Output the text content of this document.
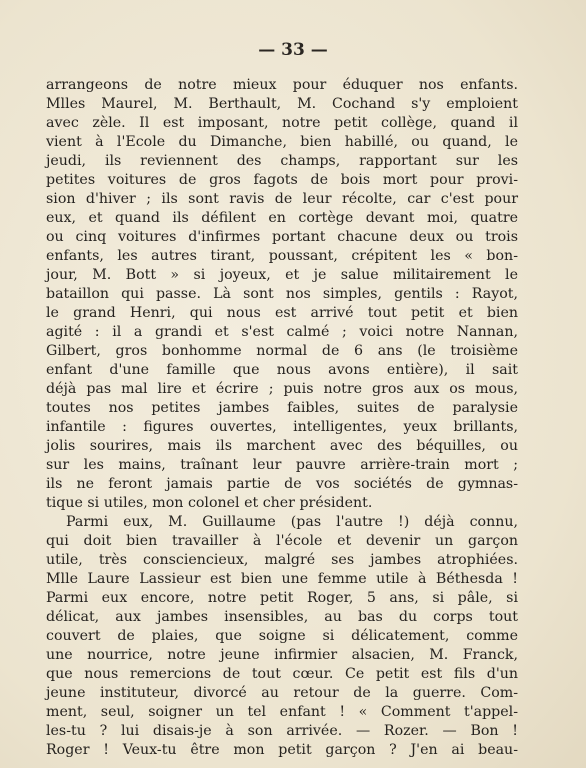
— 33 —
arrangeons de notre mieux pour éduquer nos enfants.
Mlles Maurel, M. Berthault, M. Cochand s'y emploient
avec zèle. Il est imposant, notre petit collège, quand il
vient à l'Ecole du Dimanche, bien habillé, ou quand, le
jeudi, ils reviennent des champs, rapportant sur les
petites voitures de gros fagots de bois mort pour provi-
sion d'hiver ; ils sont ravis de leur récolte, car c'est pour
eux, et quand ils défilent en cortège devant moi, quatre
ou cinq voitures d'infirmes portant chacune deux ou trois
enfants, les autres tirant, poussant, crépitent les « bon-
jour, M. Bott » si joyeux, et je salue militairement le
bataillon qui passe. Là sont nos simples, gentils : Rayot,
le grand Henri, qui nous est arrivé tout petit et bien
agité : il a grandi et s'est calmé ; voici notre Nannan,
Gilbert, gros bonhomme normal de 6 ans (le troisième
enfant d'une famille que nous avons entière), il sait
déjà pas mal lire et écrire ; puis notre gros aux os mous,
toutes nos petites jambes faibles, suites de paralysie
infantile : figures ouvertes, intelligentes, yeux brillants,
jolis sourires, mais ils marchent avec des béquilles, ou
sur les mains, traînant leur pauvre arrière-train mort ;
ils ne feront jamais partie de vos sociétés de gymnas-
tique si utiles, mon colonel et cher président.
Parmi eux, M. Guillaume (pas l'autre !) déjà connu,
qui doit bien travailler à l'école et devenir un garçon
utile, très consciencieux, malgré ses jambes atrophiées.
Mlle Laure Lassieur est bien une femme utile à Béthesda !
Parmi eux encore, notre petit Roger, 5 ans, si pâle, si
délicat, aux jambes insensibles, au bas du corps tout
couvert de plaies, que soigne si délicatement, comme
une nourrice, notre jeune infirmier alsacien, M. Franck,
que nous remercions de tout cœur. Ce petit est fils d'un
jeune instituteur, divorcé au retour de la guerre. Com-
ment, seul, soigner un tel enfant ! « Comment t'appel-
les-tu ? lui disais-je à son arrivée. — Rozer. — Bon !
Roger ! Veux-tu être mon petit garçon ? J'en ai beau-
